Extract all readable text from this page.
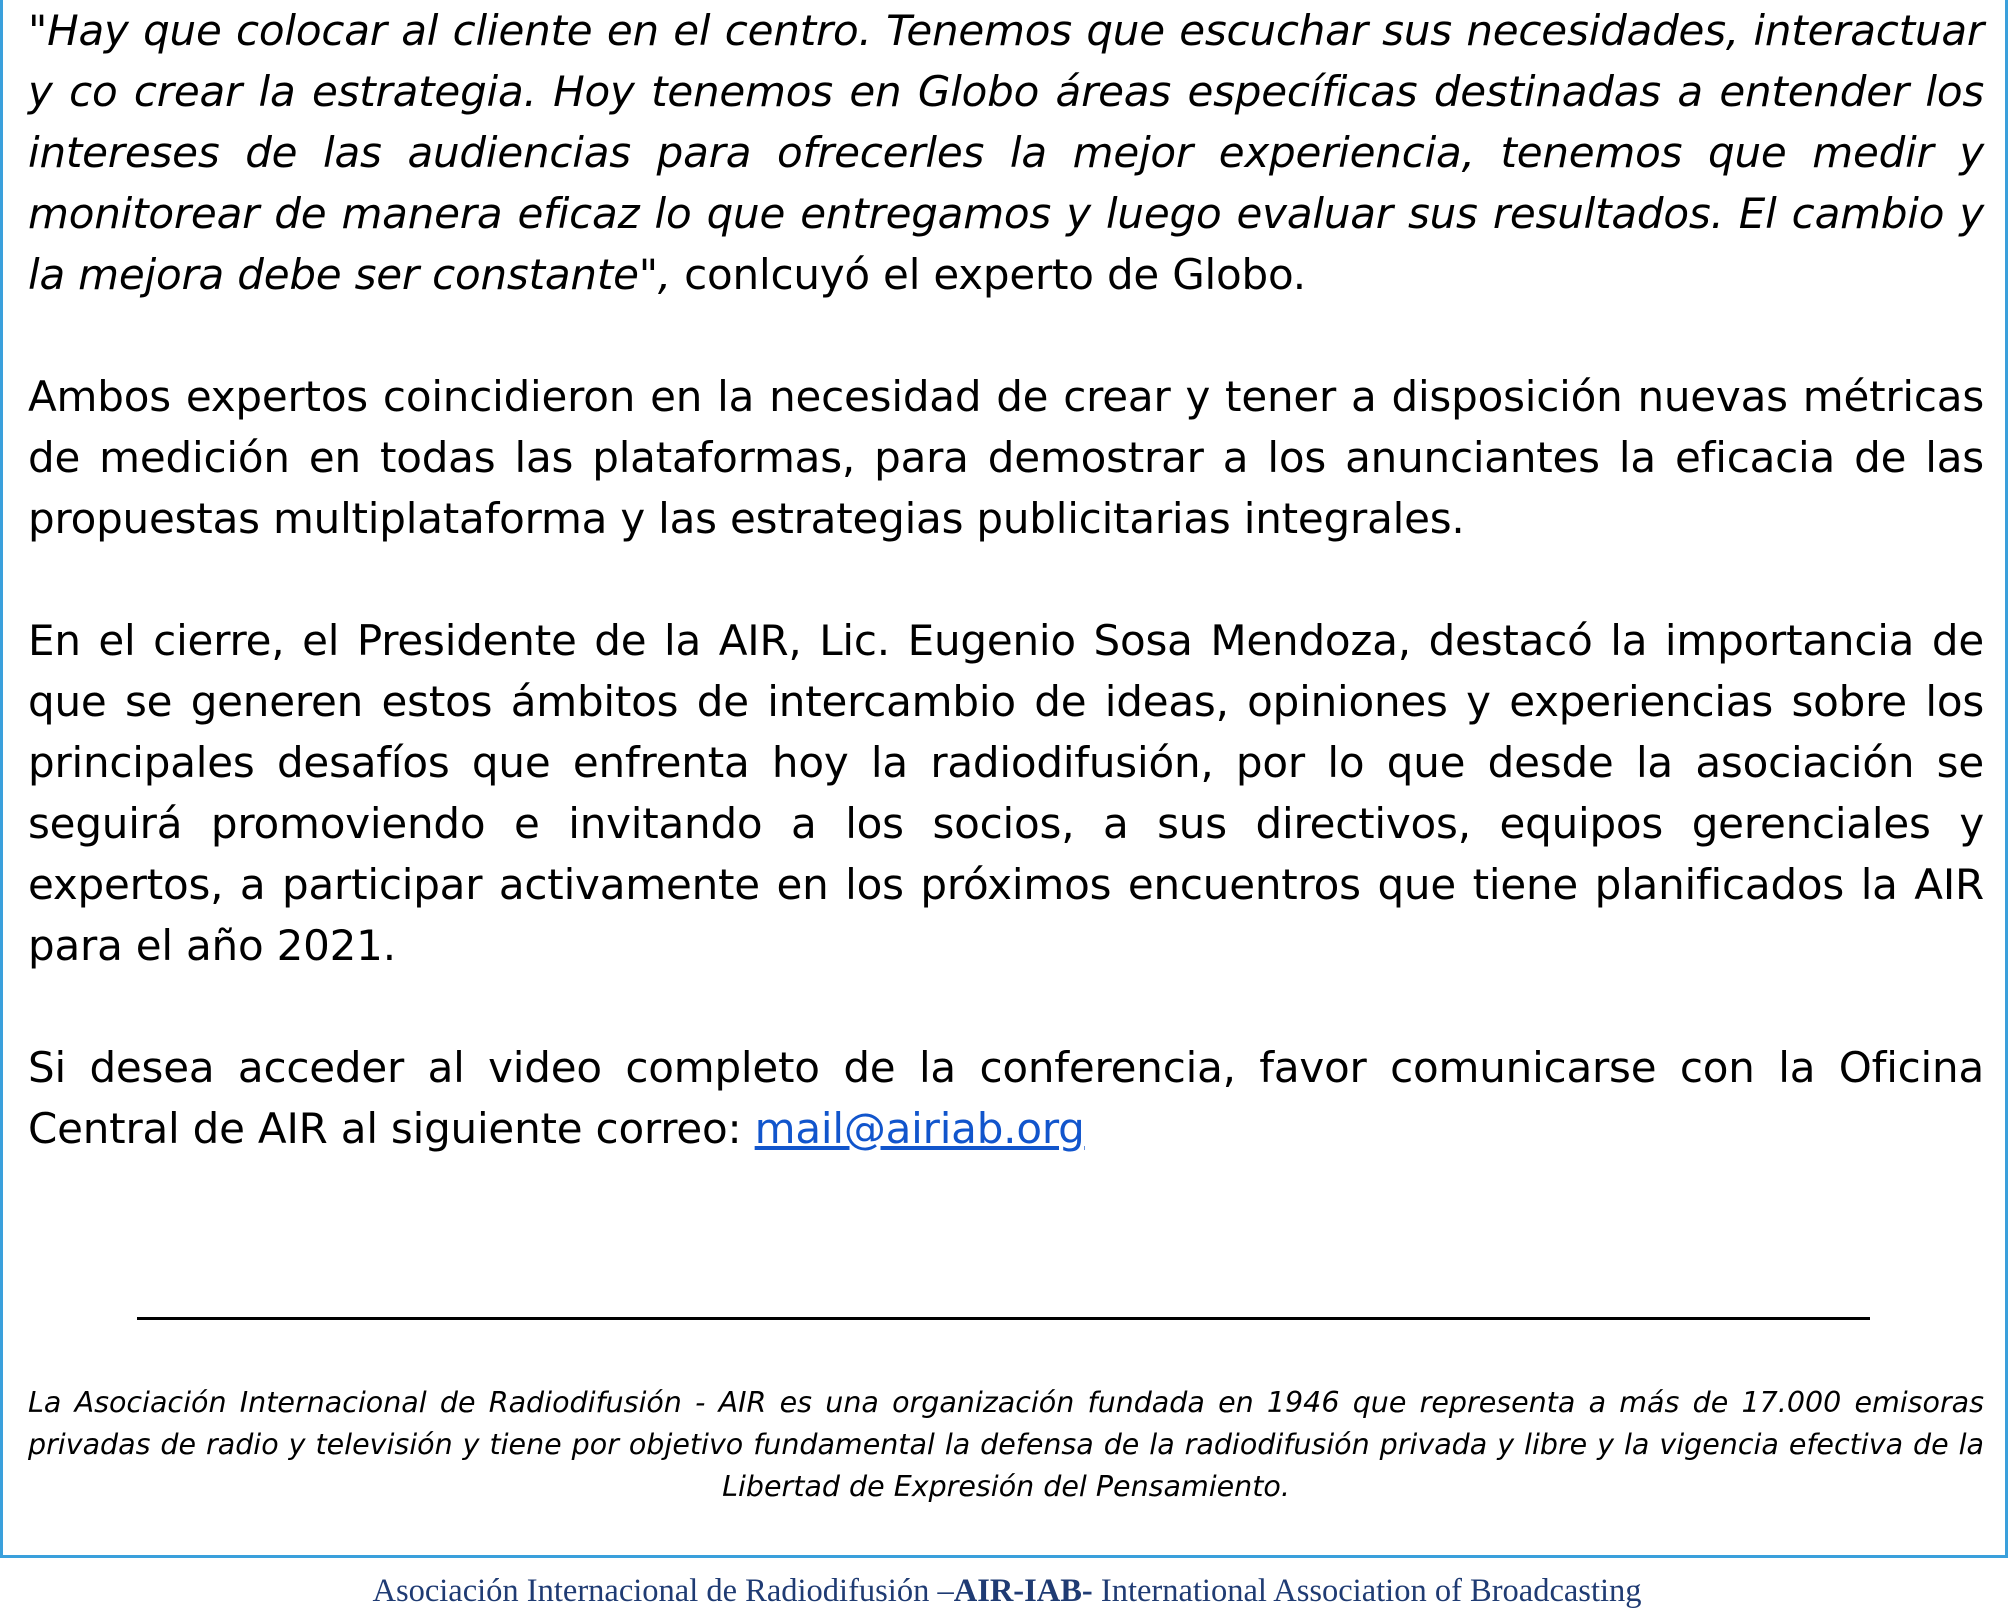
"Hay que colocar al cliente en el centro. Tenemos que escuchar sus necesidades, interactuar y co crear la estrategia. Hoy tenemos en Globo áreas específicas destinadas a entender los intereses de las audiencias para ofrecerles la mejor experiencia, tenemos que medir y monitorear de manera eficaz lo que entregamos y luego evaluar sus resultados. El cambio y la mejora debe ser constante", conlcuyó el experto de Globo.

Ambos expertos coincidieron en la necesidad de crear y tener a disposición nuevas métricas de medición en todas las plataformas, para demostrar a los anunciantes la eficacia de las propuestas multiplataforma y las estrategias publicitarias integrales.

En el cierre, el Presidente de la AIR, Lic. Eugenio Sosa Mendoza, destacó la importancia de que se generen estos ámbitos de intercambio de ideas, opiniones y experiencias sobre los principales desafíos que enfrenta hoy la radiodifusión, por lo que desde la asociación se seguirá promoviendo e invitando a los socios, a sus directivos, equipos gerenciales y expertos, a participar activamente en los próximos encuentros que tiene planificados la AIR para el año 2021.

Si desea acceder al video completo de la conferencia, favor comunicarse con la Oficina Central de AIR al siguiente correo: mail@airiab.org

La Asociación Internacional de Radiodifusión - AIR es una organización fundada en 1946 que representa a más de 17.000 emisoras privadas de radio y televisión y tiene por objetivo fundamental la defensa de la radiodifusión privada y libre y la vigencia efectiva de la Libertad de Expresión del Pensamiento.

Asociación Internacional de Radiodifusión –AIR-IAB- International Association of Broadcasting
